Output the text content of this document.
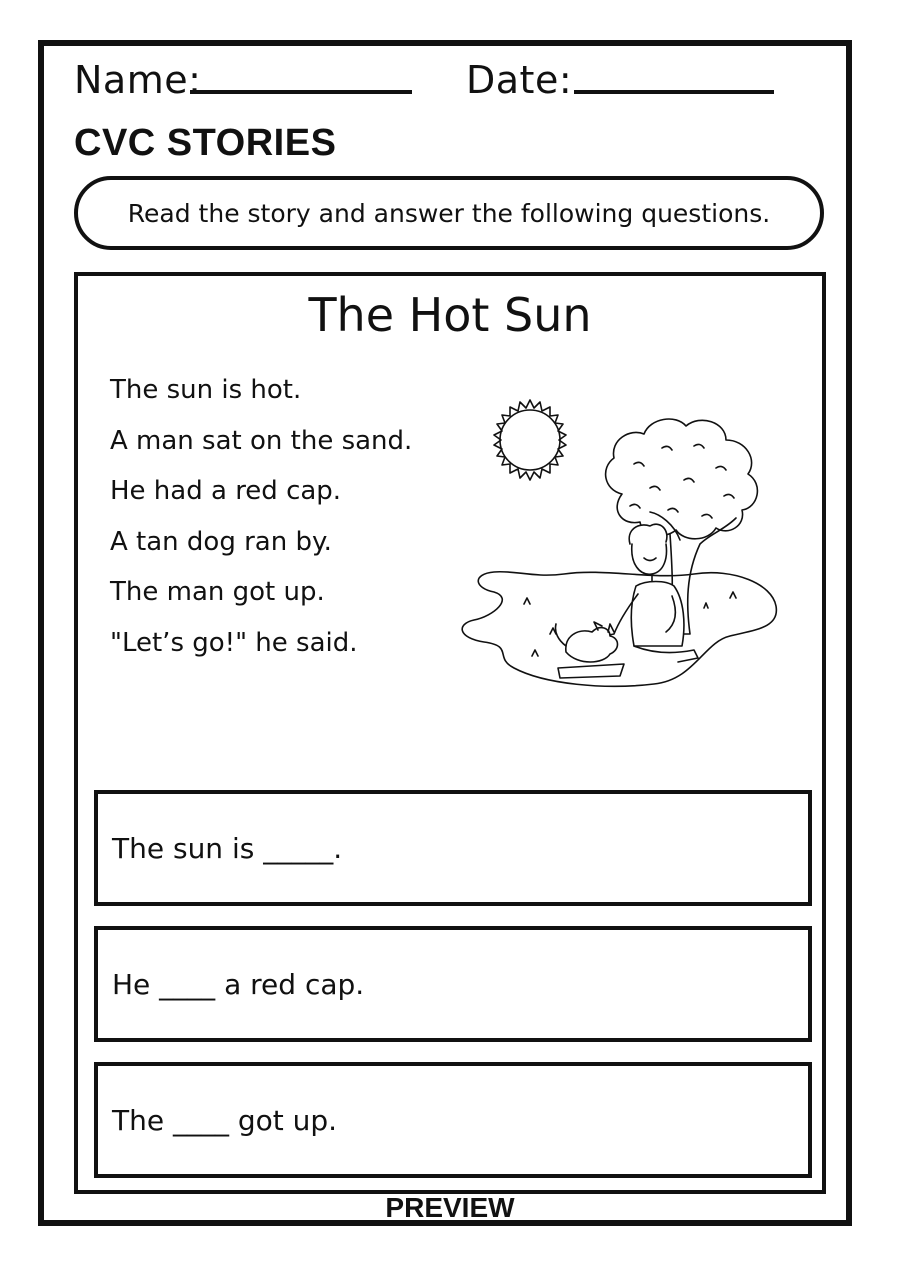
Name:	Date:
CVC STORIES
Read the story and answer the following questions.
The Hot Sun
The sun is hot.
A man sat on the sand.
He had a red cap.
A tan dog ran by.
The man got up.
"Let’s go!" he said.
The sun is _____.
He ____ a red cap.
The ____ got up.
PREVIEW
